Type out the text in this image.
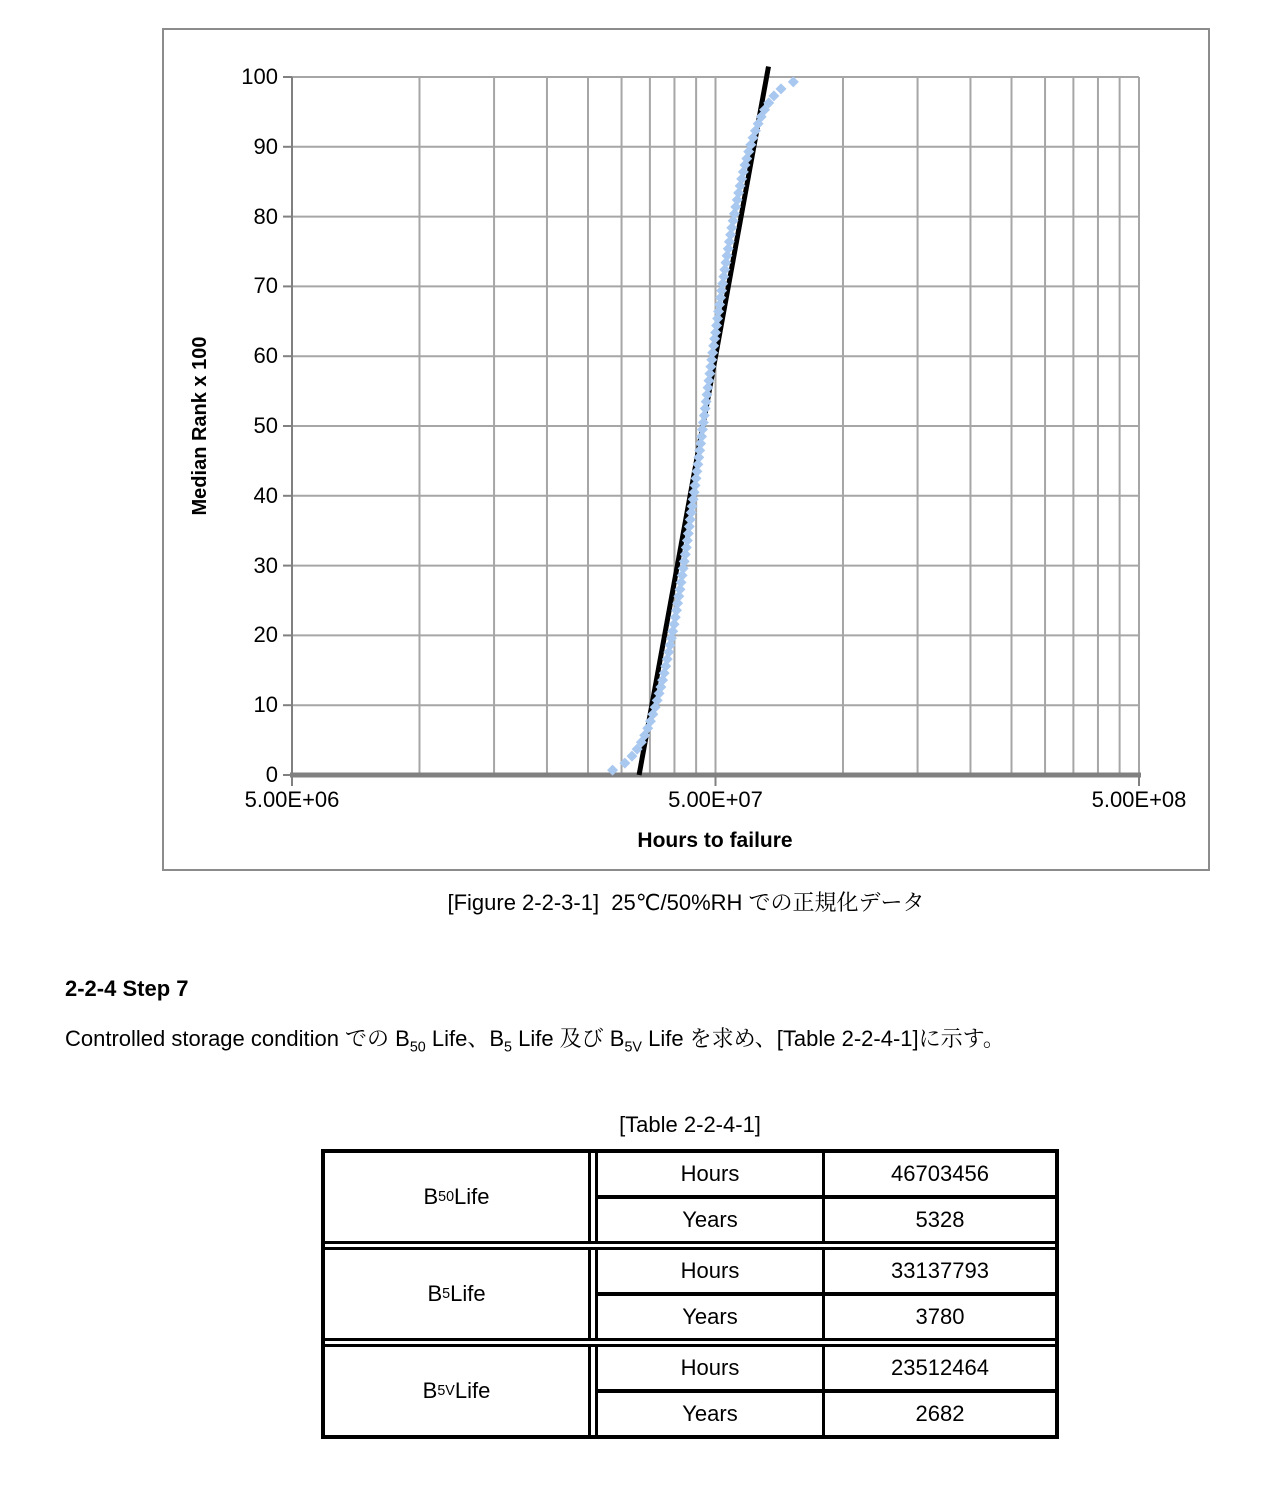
Median Rank x 100
Hours to failure
100
90
80
70
60
50
40
30
20
10
0
5.00E+06	5.00E+07	5.00E+08
[Figure 2-2-3-1]  25℃/50%RH での正規化データ
2-2-4 Step 7
Controlled storage condition での $B_{50}$ Life、$B_5$ Life 及び $B_{5V}$ Life を求め、[Table 2-2-4-1]に示す。
[Table 2-2-4-1]
B 50 Life
Hours	46703456
Years	5328
B 5 Life
Hours	33137793
Years	3780
B 5V Life
Hours	23512464
Years	2682
